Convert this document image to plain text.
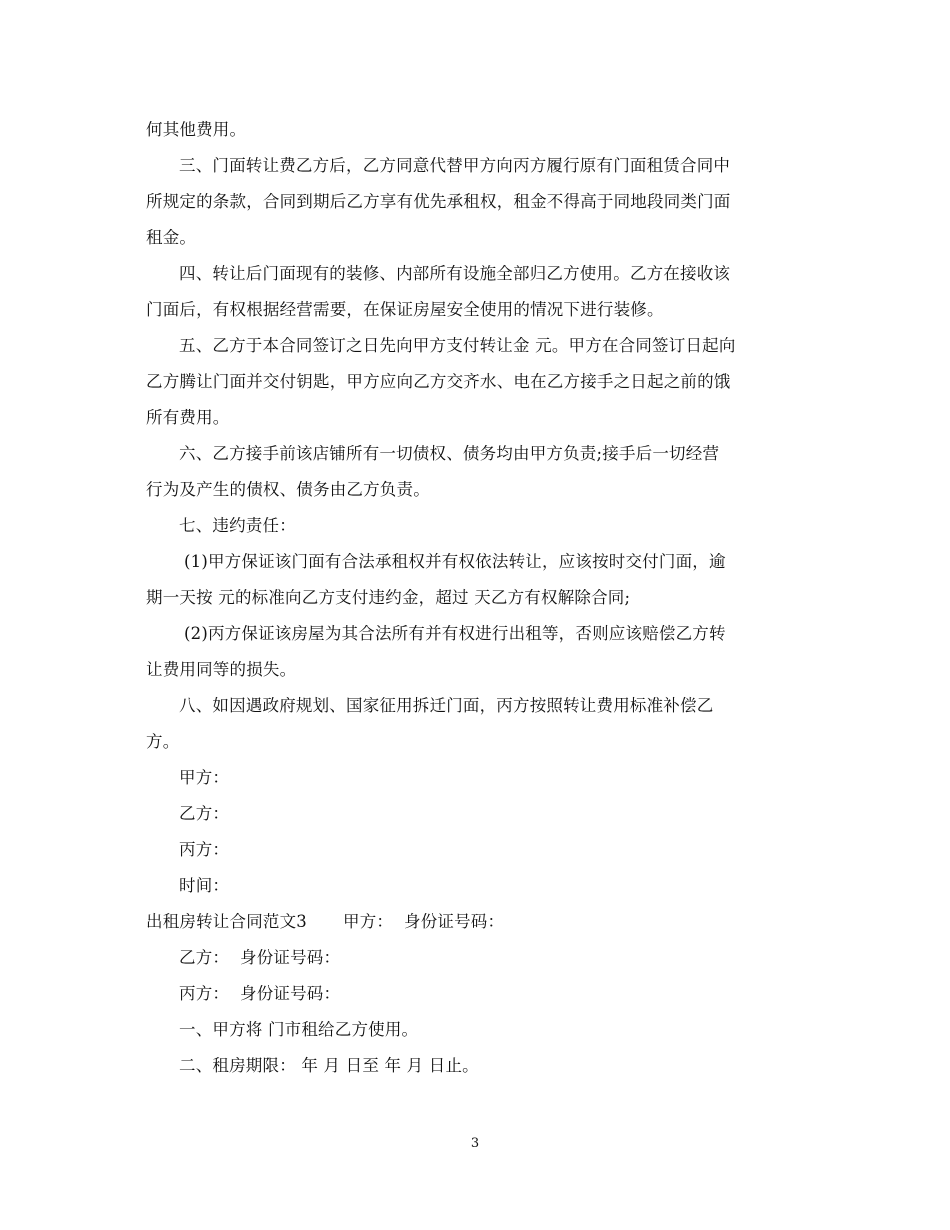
何其他费用。
三、门面转让费乙方后，乙方同意代替甲方向丙方履行原有门面租赁合同中
所规定的条款，合同到期后乙方享有优先承租权，租金不得高于同地段同类门面
租金。
四、转让后门面现有的装修、内部所有设施全部归乙方使用。乙方在接收该
门面后，有权根据经营需要，在保证房屋安全使用的情况下进行装修。
五、乙方于本合同签订之日先向甲方支付转让金 元。甲方在合同签订日起向
乙方腾让门面并交付钥匙，甲方应向乙方交齐水、电在乙方接手之日起之前的饿
所有费用。
六、乙方接手前该店铺所有一切债权、债务均由甲方负责;接手后一切经营
行为及产生的债权、债务由乙方负责。
七、违约责任：
(1)甲方保证该门面有合法承租权并有权依法转让，应该按时交付门面，逾
期一天按 元的标准向乙方支付违约金，超过 天乙方有权解除合同;
(2)丙方保证该房屋为其合法所有并有权进行出租等，否则应该赔偿乙方转
让费用同等的损失。
八、如因遇政府规划、国家征用拆迁门面，丙方按照转让费用标准补偿乙
方。
甲方：
乙方：
丙方：
时间：
出租房转让合同范文3 甲方： 身份证号码：
乙方：  身份证号码：
丙方：  身份证号码：
一、甲方将 门市租给乙方使用。
二、租房期限： 年 月 日至 年 月 日止。
3
